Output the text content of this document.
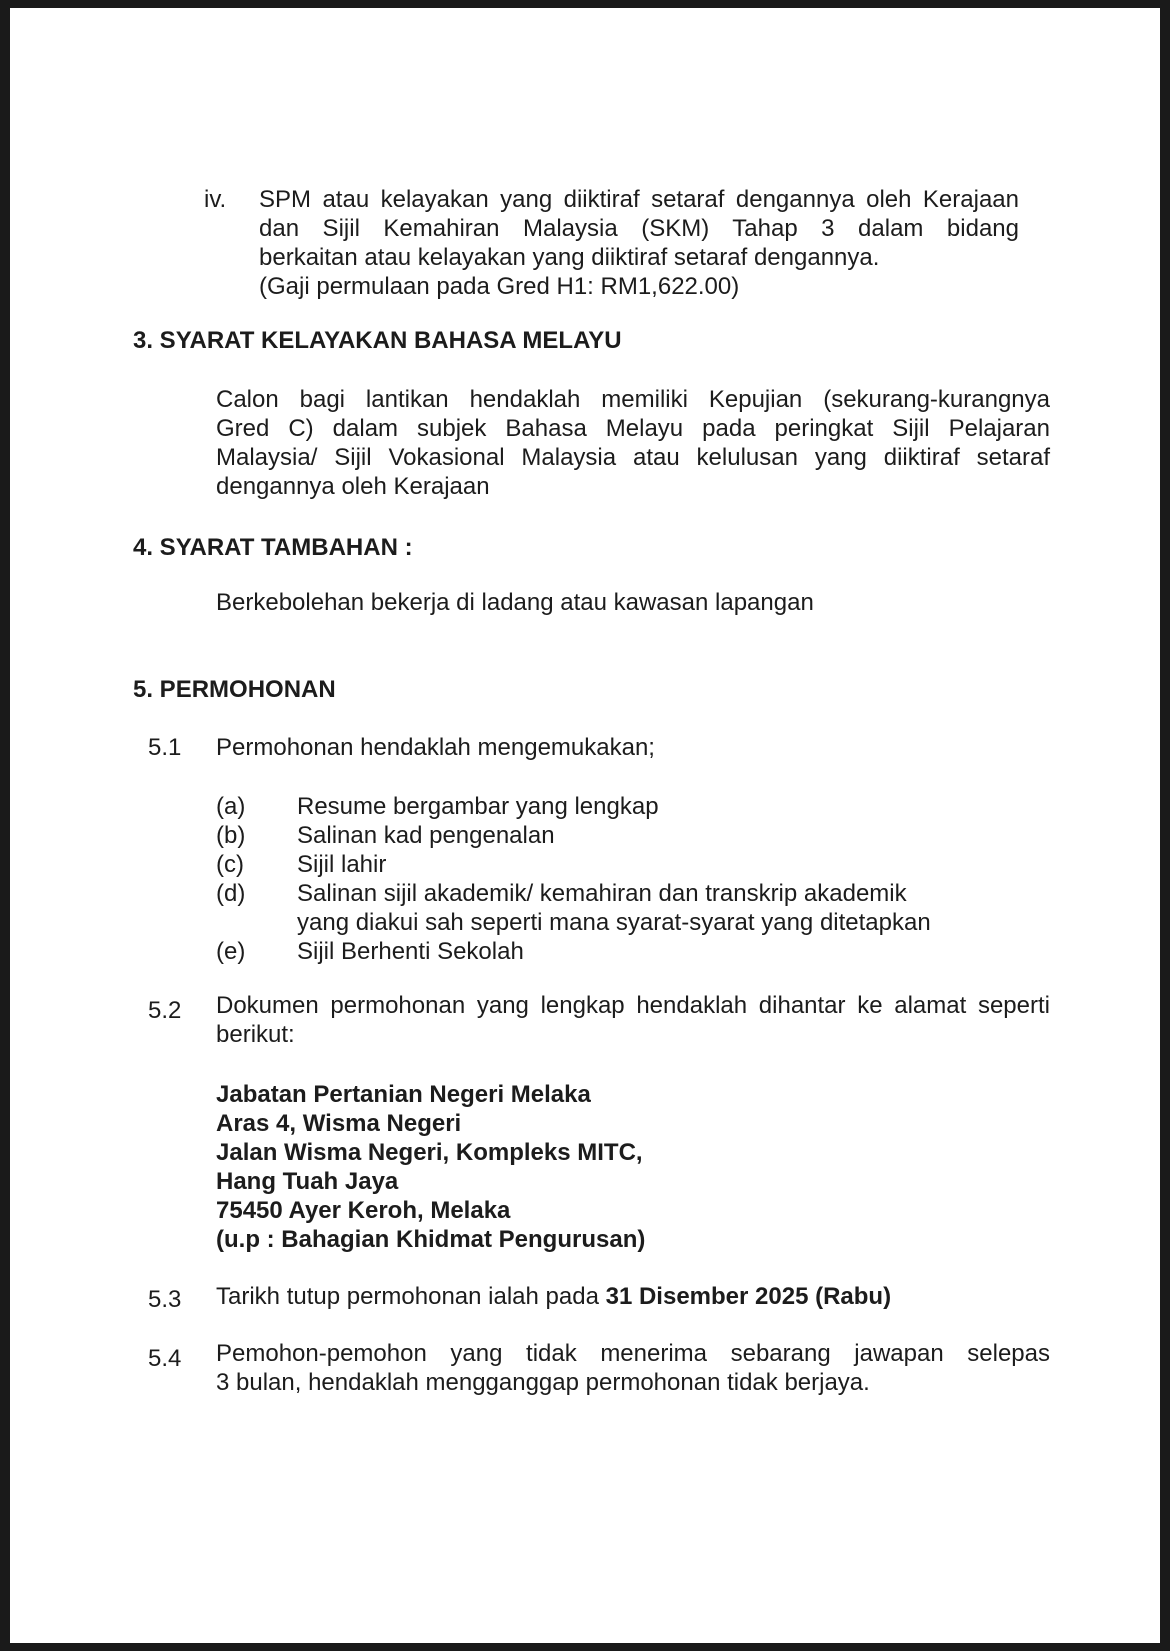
iv. SPM atau kelayakan yang diiktiraf setaraf dengannya oleh Kerajaan
dan Sijil Kemahiran Malaysia (SKM) Tahap 3 dalam bidang
berkaitan atau kelayakan yang diiktiraf setaraf dengannya.
(Gaji permulaan pada Gred H1: RM1,622.00)
3. SYARAT KELAYAKAN BAHASA MELAYU
Calon bagi lantikan hendaklah memiliki Kepujian (sekurang-kurangnya
Gred C) dalam subjek Bahasa Melayu pada peringkat Sijil Pelajaran
Malaysia/ Sijil Vokasional Malaysia atau kelulusan yang diiktiraf setaraf
dengannya oleh Kerajaan
4. SYARAT TAMBAHAN :
Berkebolehan bekerja di ladang atau kawasan lapangan
5. PERMOHONAN
5.1 Permohonan hendaklah mengemukakan;
(a) Resume bergambar yang lengkap
(b) Salinan kad pengenalan
(c) Sijil lahir
(d) Salinan sijil akademik/ kemahiran dan transkrip akademik
yang diakui sah seperti mana syarat-syarat yang ditetapkan
(e) Sijil Berhenti Sekolah
5.2 Dokumen permohonan yang lengkap hendaklah dihantar ke alamat seperti
berikut:
Jabatan Pertanian Negeri Melaka
Aras 4, Wisma Negeri
Jalan Wisma Negeri, Kompleks MITC,
Hang Tuah Jaya
75450 Ayer Keroh, Melaka
(u.p : Bahagian Khidmat Pengurusan)
5.3 Tarikh tutup permohonan ialah pada 31 Disember 2025 (Rabu)
5.4 Pemohon-pemohon yang tidak menerima sebarang jawapan selepas
3 bulan, hendaklah mengganggap permohonan tidak berjaya.
